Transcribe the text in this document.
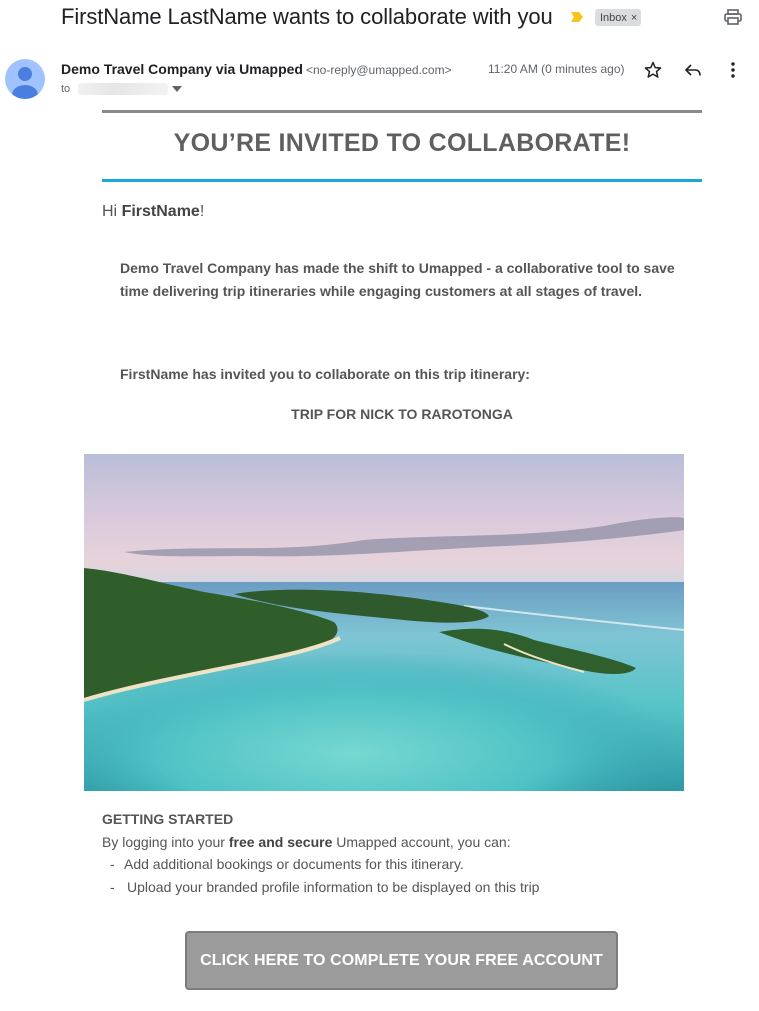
FirstName LastName wants to collaborate with you	Inbox ×
Demo Travel Company via Umapped <no-reply@umapped.com>	11:20 AM (0 minutes ago)
to
YOU’RE INVITED TO COLLABORATE!
Hi FirstName!
Demo Travel Company has made the shift to Umapped - a collaborative tool to save time delivering trip itineraries while engaging customers at all stages of travel.
FirstName has invited you to collaborate on this trip itinerary:
TRIP FOR NICK TO RAROTONGA
GETTING STARTED
By logging into your free and secure Umapped account, you can:
- Add additional bookings or documents for this itinerary.
- Upload your branded profile information to be displayed on this trip
CLICK HERE TO COMPLETE YOUR FREE ACCOUNT
